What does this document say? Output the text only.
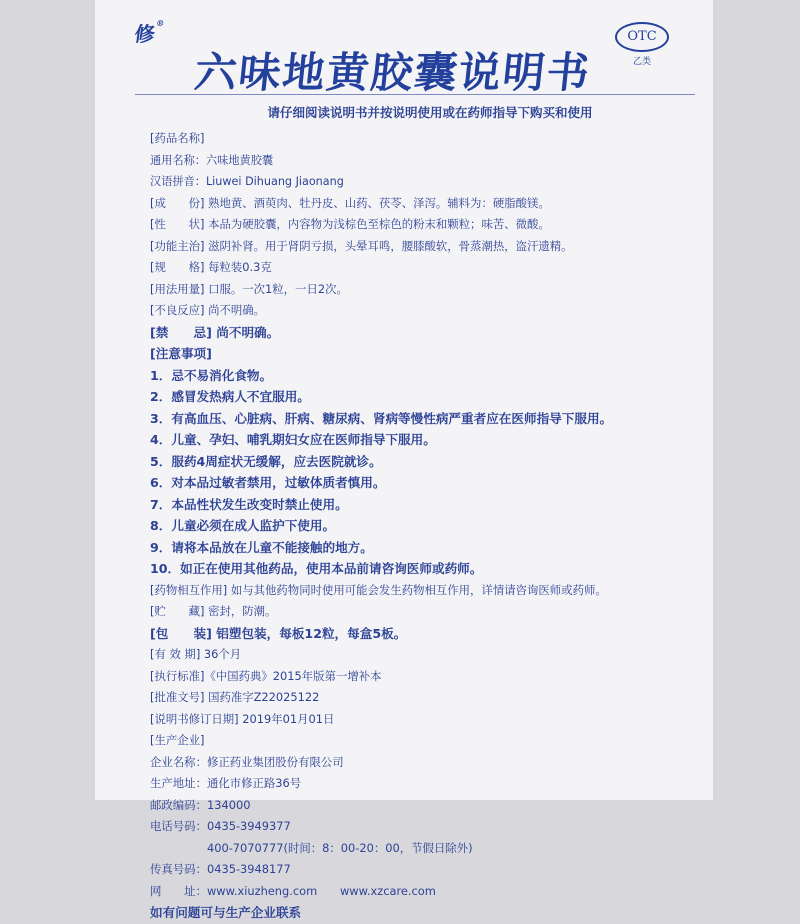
修®
六味地黄胶囊说明书
OTC
乙类
请仔细阅读说明书并按说明使用或在药师指导下购买和使用
[药品名称]
通用名称：六味地黄胶囊
汉语拼音：Liuwei Dihuang Jiaonang
[成　　份] 熟地黄、酒萸肉、牡丹皮、山药、茯苓、泽泻。辅料为：硬脂酸镁。
[性　　状] 本品为硬胶囊，内容物为浅棕色至棕色的粉末和颗粒；味苦、微酸。
[功能主治] 滋阴补肾。用于肾阴亏损，头晕耳鸣，腰膝酸软，骨蒸潮热，盗汗遗精。
[规　　格] 每粒装0.3克
[用法用量] 口服。一次1粒，一日2次。
[不良反应] 尚不明确。
[禁　　忌] 尚不明确。
[注意事项]
1．忌不易消化食物。
2．感冒发热病人不宜服用。
3．有高血压、心脏病、肝病、糖尿病、肾病等慢性病严重者应在医师指导下服用。
4．儿童、孕妇、哺乳期妇女应在医师指导下服用。
5．服药4周症状无缓解，应去医院就诊。
6．对本品过敏者禁用，过敏体质者慎用。
7．本品性状发生改变时禁止使用。
8．儿童必须在成人监护下使用。
9．请将本品放在儿童不能接触的地方。
10．如正在使用其他药品，使用本品前请咨询医师或药师。
[药物相互作用] 如与其他药物同时使用可能会发生药物相互作用，详情请咨询医师或药师。
[贮　　藏] 密封，防潮。
[包　　装] 铝塑包装，每板12粒，每盒5板。
[有 效 期] 36个月
[执行标准]《中国药典》2015年版第一增补本
[批准文号] 国药准字Z22025122
[说明书修订日期] 2019年01月01日
[生产企业]
企业名称：修正药业集团股份有限公司
生产地址：通化市修正路36号
邮政编码：134000
电话号码：0435-3949377
　　　　　400-7070777(时间：8：00-20：00，节假日除外)
传真号码：0435-3948177
网　　址：www.xiuzheng.com　　www.xzcare.com
如有问题可与生产企业联系
